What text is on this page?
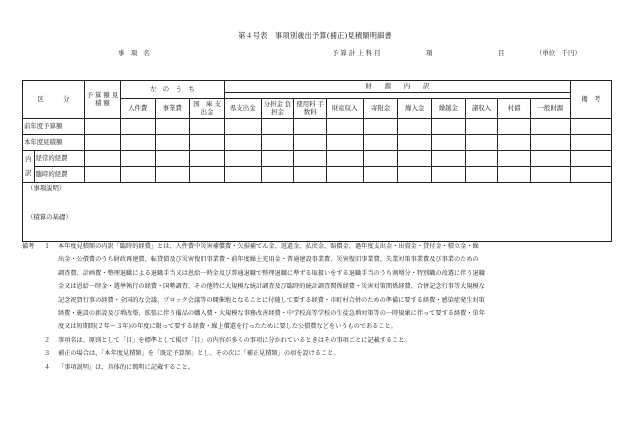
第４号表　事項別歳出予算(補正)見積額明細書
事　項　名	予 算 計 上 科 目	項	目	（単位　千円）
区　　　分		予 算 額 見 積 額	左　の　う　ち			財　　源　　内　　訳										備　考

			人件費	事業費	国　庫 支出金	県支出金	分担金 負担金	使用料 手数料	財産収入	寄附金	繰入金	繰越金	諸収入	村債	一般財源	
前年度予算額																
本年度見積額																

内
訳	経常的経費															
	臨時的経費															

（事項説明）
（積算の基礎）																
備考	１	本年度見積額の内訳「臨時的経費」とは、人件費中災害補償費・欠損補てん金、返還金、払戻金、賠償金、過年度支出金・出資金・貸付金・積立金・繰
出金・公債費のうち財政再建費、転貸債及び災害復旧事業費・前年度繰上充用金・普通建設事業費、災害復旧事業費、失業対策事業費及び事業のための
調査費、計画費・整理退職による退職手当又は恩給一時金及び普通退職で整理退職に準ずる取扱いをする退職手当のうち割増分・特別職の改選に伴う退職
金又は恩給一時金・選挙執行の経費・国勢調査、その他特に大規模な統計調査及び臨時的統計調査関係経費・災害対策関係経費、合併記念行事等大規模な
記念祝賀行事の経費・全国的な会議、ブロック会議等の開催地となることに付随して要する経費・市町村合併のための準備に要する経費・感染症発生対策
経費・施設の新設及び増改築、拡張に伴う備品の購入費・大規模な事務改善経費・中学校高等学校の生徒急増対策等の一時規象に伴って要する経費・単年
度又は短期間(２年〜３年)の年度に限って要する経費・繰上償還を行ったために要した公債費などをいうものであること。
２	事項名は、原則として「目」を標準として掲げ「目」の内容が多くの事項に分かれているときはその事項ごとに記載すること。
３	補正の場合は、「本年度見積額」を「既定予算額」とし、その次に「補正見積額」の項を設けること。
４	「事項説明」は、具体的に簡明に記載すること。
